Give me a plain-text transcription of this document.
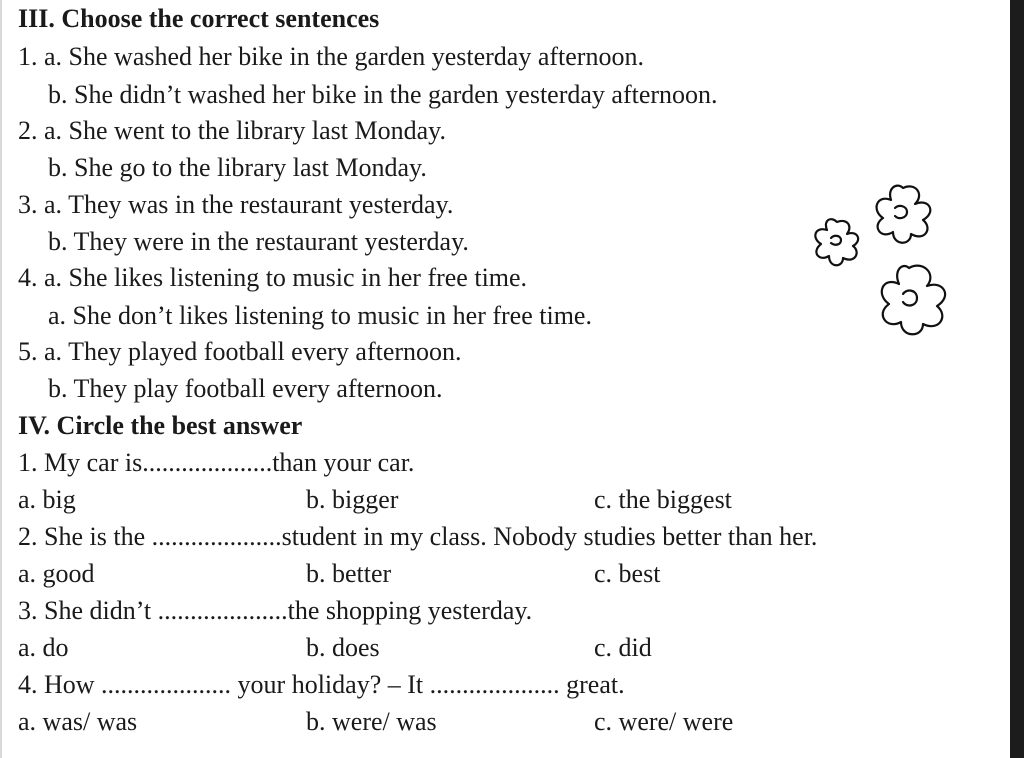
III. Choose the correct sentences
1. a. She washed her bike in the garden yesterday afternoon.
b. She didn’t washed her bike in the garden yesterday afternoon.
2. a. She went to the library last Monday.
b. She go to the library last Monday.
3. a. They was in the restaurant yesterday.
b. They were in the restaurant yesterday.
4. a. She likes listening to music in her free time.
a. She don’t likes listening to music in her free time.
5. a. They played football every afternoon.
b. They play football every afternoon.
IV. Circle the best answer
1. My car is....................than your car.
a. big	b. bigger	c. the biggest
2. She is the ....................student in my class. Nobody studies better than her.
a. good	b. better	c. best
3. She didn’t ....................the shopping yesterday.
a. do	b. does	c. did
4. How .................... your holiday? – It .................... great.
a. was/ was	b. were/ was	c. were/ were
